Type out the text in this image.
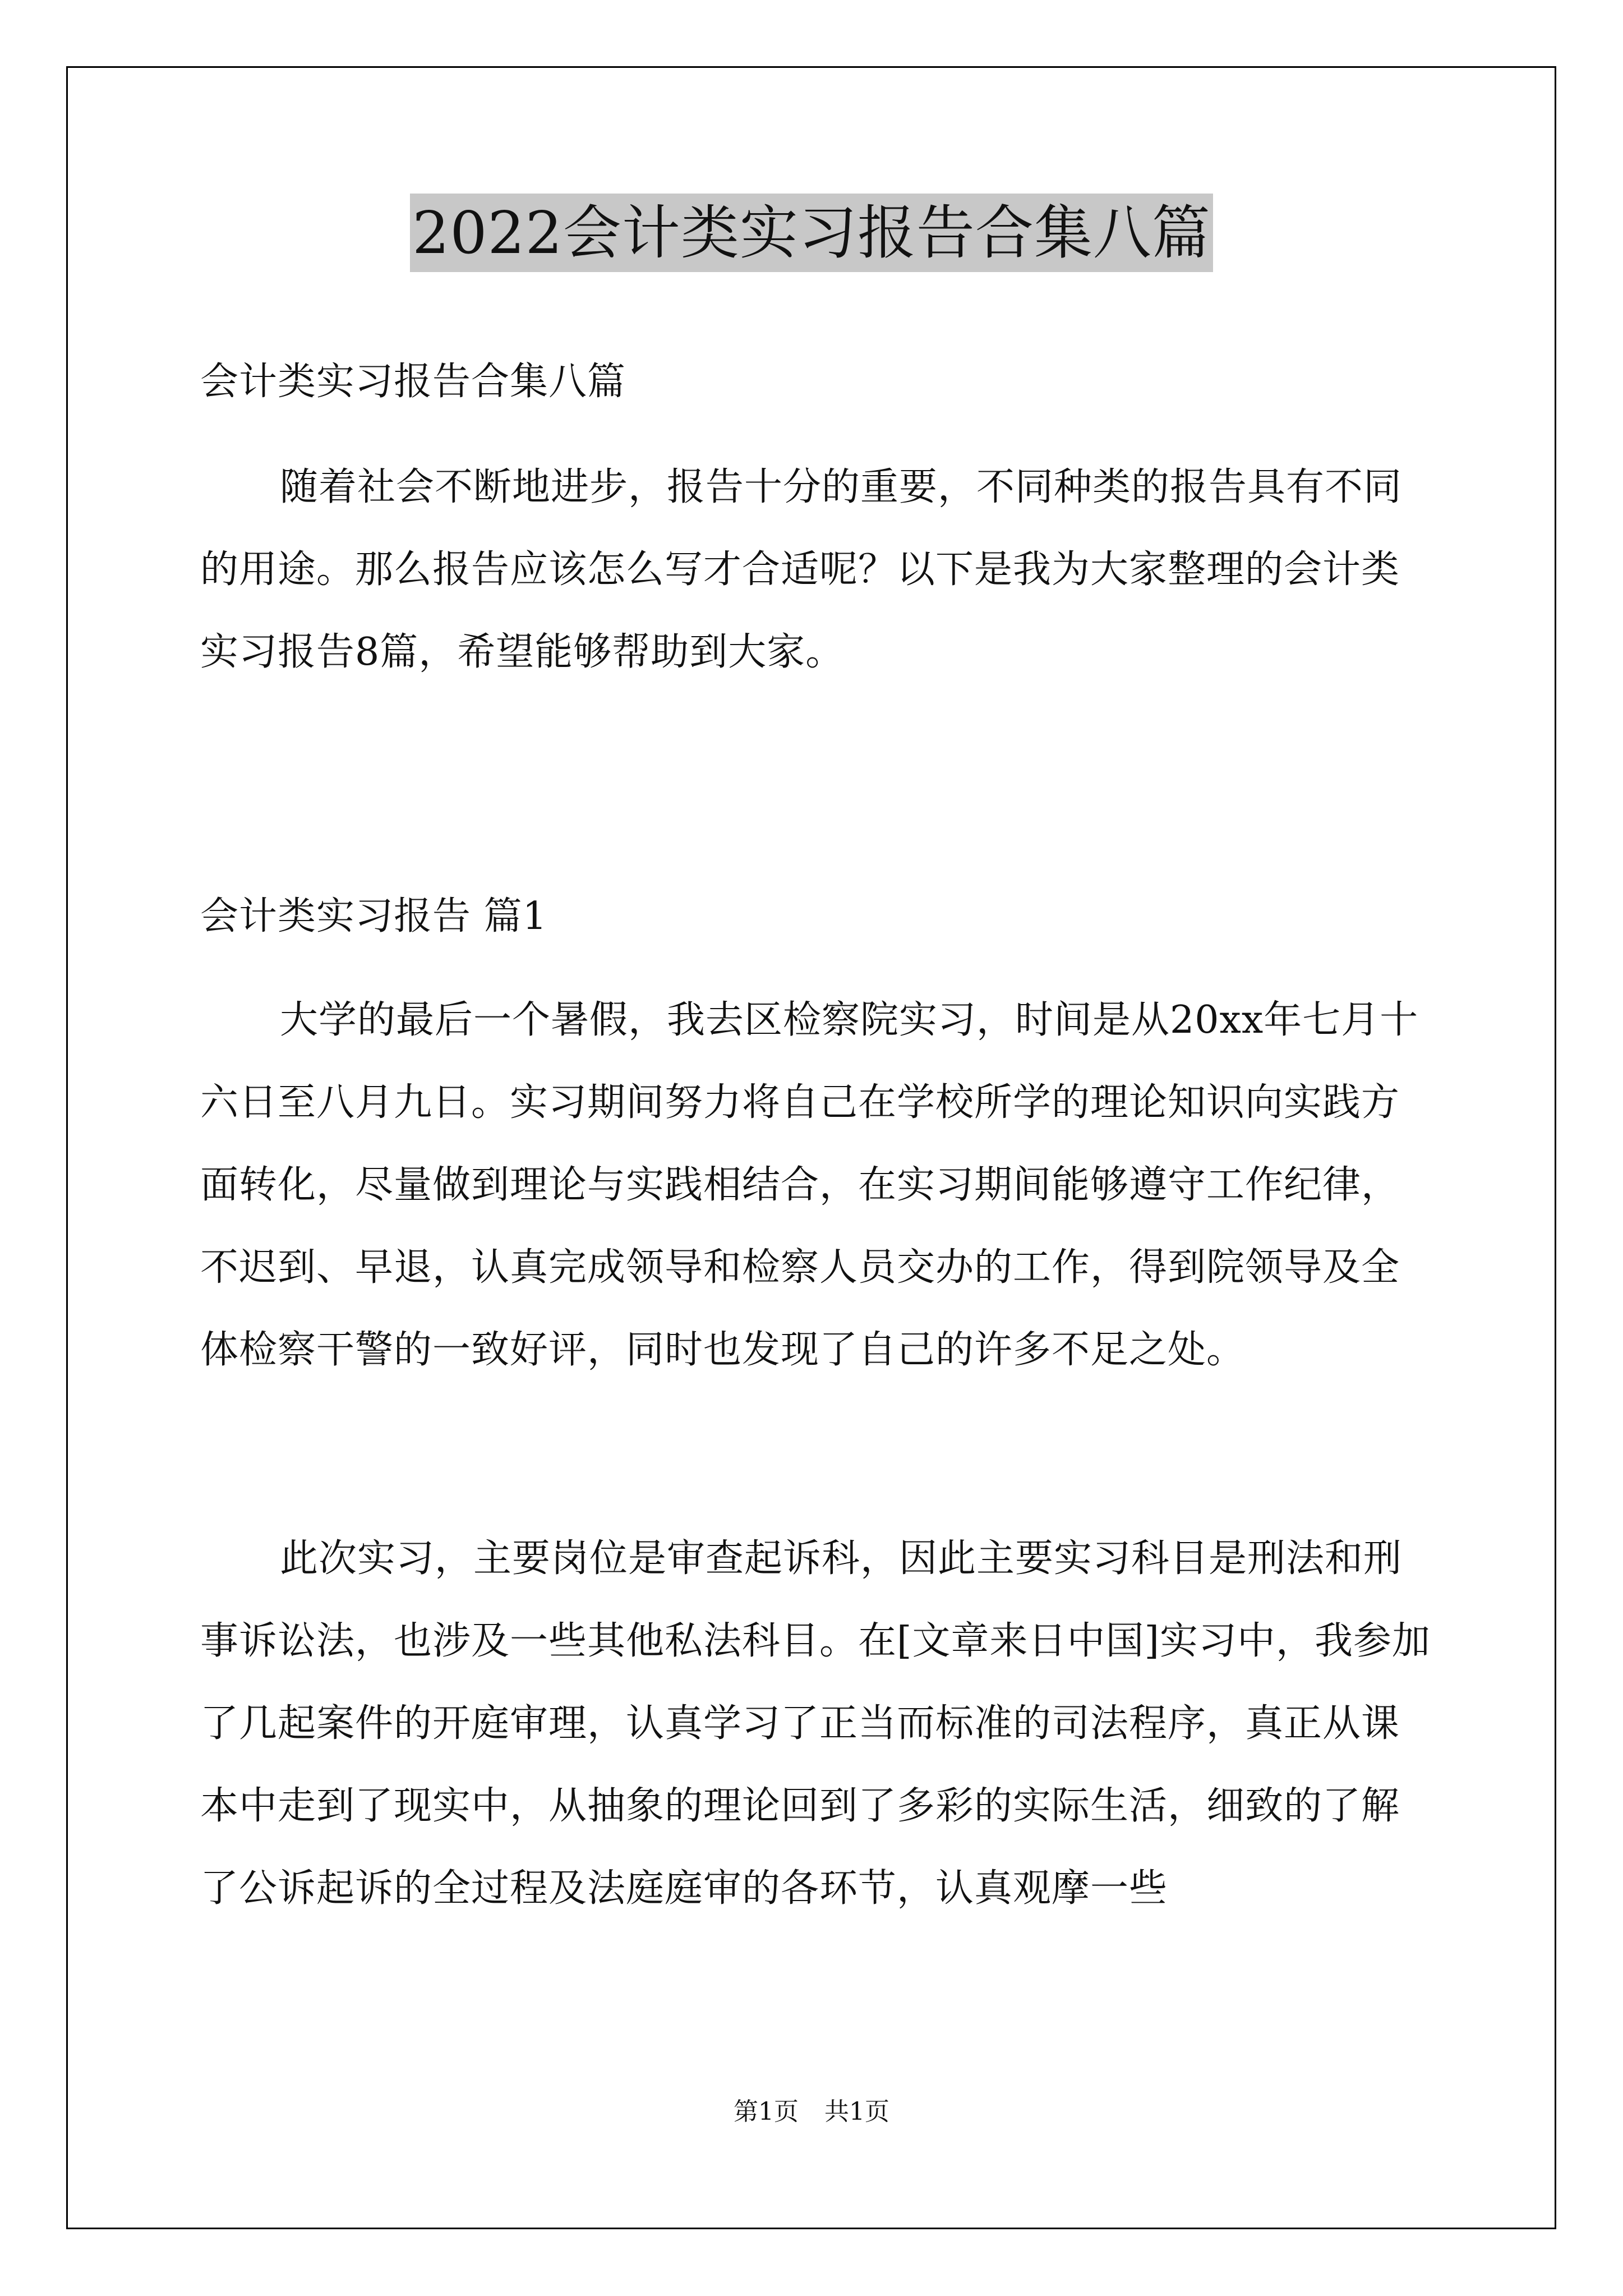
2022会计类实习报告合集八篇
会计类实习报告合集八篇
随着社会不断地进步，报告十分的重要，不同种类的报告具有不同的用途。那么报告应该怎么写才合适呢？以下是我为大家整理的会计类实习报告8篇，希望能够帮助到大家。
会计类实习报告 篇1
大学的最后一个暑假，我去区检察院实习，时间是从20xx年七月十六日至八月九日。实习期间努力将自己在学校所学的理论知识向实践方面转化，尽量做到理论与实践相结合，在实习期间能够遵守工作纪律，不迟到、早退，认真完成领导和检察人员交办的工作，得到院领导及全体检察干警的一致好评，同时也发现了自己的许多不足之处。
此次实习，主要岗位是审查起诉科，因此主要实习科目是刑法和刑事诉讼法，也涉及一些其他私法科目。在[文章来日中国]实习中，我参加了几起案件的开庭审理，认真学习了正当而标准的司法程序，真正从课本中走到了现实中，从抽象的理论回到了多彩的实际生活，细致的了解了公诉起诉的全过程及法庭庭审的各环节，认真观摩一些
第1页 共1页
